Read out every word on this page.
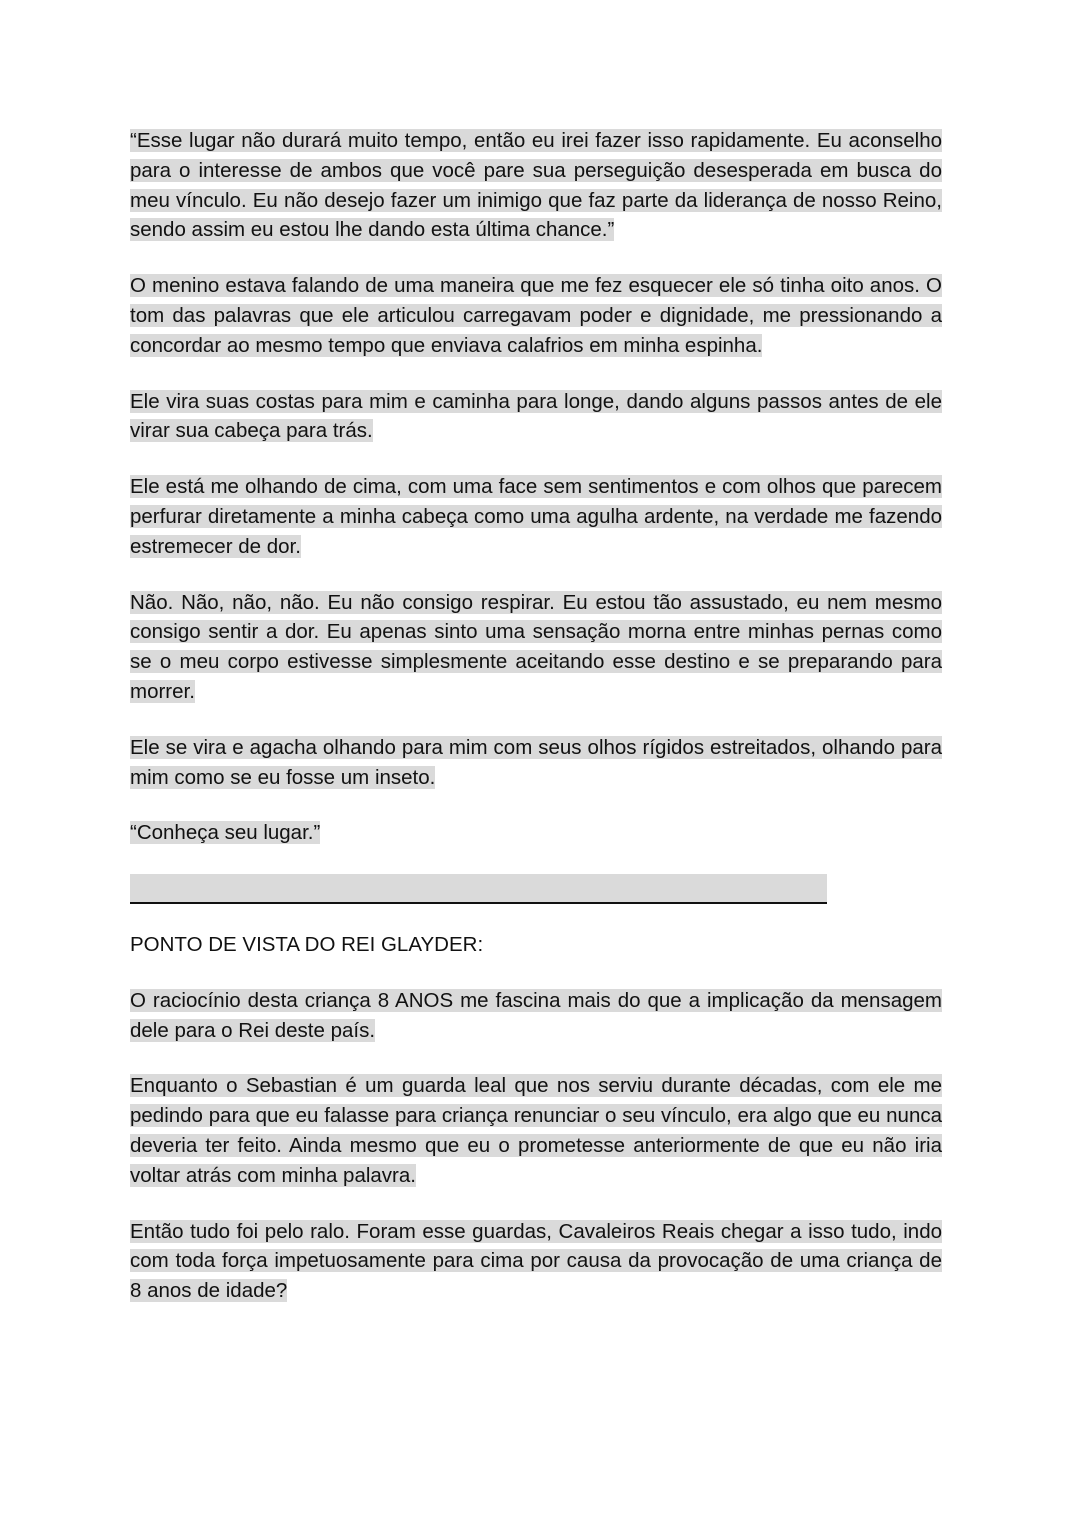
“Esse lugar não durará muito tempo, então eu irei fazer isso rapidamente. Eu aconselho para o interesse de ambos que você pare sua perseguição desesperada em busca do meu vínculo. Eu não desejo fazer um inimigo que faz parte da liderança de nosso Reino, sendo assim eu estou lhe dando esta última chance.”

O menino estava falando de uma maneira que me fez esquecer ele só tinha oito anos. O tom das palavras que ele articulou carregavam poder e dignidade, me pressionando a concordar ao mesmo tempo que enviava calafrios em minha espinha.

Ele vira suas costas para mim e caminha para longe, dando alguns passos antes de ele virar sua cabeça para trás.

Ele está me olhando de cima, com uma face sem sentimentos e com olhos que parecem perfurar diretamente a minha cabeça como uma agulha ardente, na verdade me fazendo estremecer de dor.

Não. Não, não, não. Eu não consigo respirar. Eu estou tão assustado, eu nem mesmo consigo sentir a dor. Eu apenas sinto uma sensação morna entre minhas pernas como se o meu corpo estivesse simplesmente aceitando esse destino e se preparando para morrer.

Ele se vira e agacha olhando para mim com seus olhos rígidos estreitados, olhando para mim como se eu fosse um inseto.

“Conheça seu lugar.”

PONTO DE VISTA DO REI GLAYDER:

O raciocínio desta criança 8 ANOS me fascina mais do que a implicação da mensagem dele para o Rei deste país.

Enquanto o Sebastian é um guarda leal que nos serviu durante décadas, com ele me pedindo para que eu falasse para criança renunciar o seu vínculo, era algo que eu nunca deveria ter feito. Ainda mesmo que eu o prometesse anteriormente de que eu não iria voltar atrás com minha palavra.

Então tudo foi pelo ralo. Foram esse guardas, Cavaleiros Reais chegar a isso tudo, indo com toda força impetuosamente para cima por causa da provocação de uma criança de 8 anos de idade?
